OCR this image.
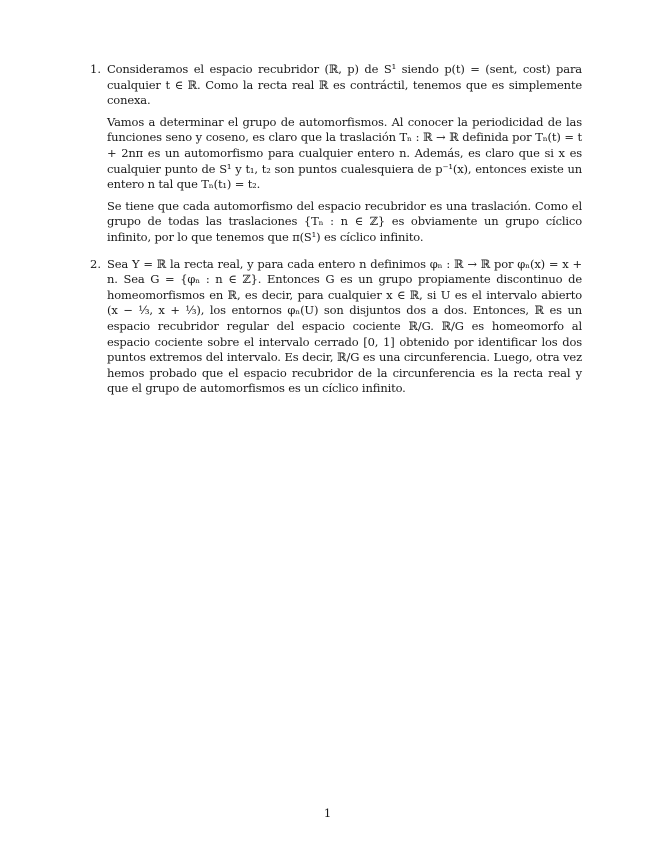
1. Consideramos el espacio recubridor (ℝ, p) de S¹ siendo p(t) = (sent, cost) para cualquier t ∈ ℝ. Como la recta real ℝ es contráctil, tenemos que es simplemente conexa.

Vamos a determinar el grupo de automorfismos. Al conocer la periodicidad de las funciones seno y coseno, es claro que la traslación Tₙ : ℝ → ℝ definida por Tₙ(t) = t + 2nπ es un automorfismo para cualquier entero n. Además, es claro que si x es cualquier punto de S¹ y t₁, t₂ son puntos cualesquiera de p⁻¹(x), entonces existe un entero n tal que Tₙ(t₁) = t₂.

Se tiene que cada automorfismo del espacio recubridor es una traslación. Como el grupo de todas las traslaciones {Tₙ : n ∈ ℤ} es obviamente un grupo cíclico infinito, por lo que tenemos que π(S¹) es cíclico infinito.

2. Sea Y = ℝ la recta real, y para cada entero n definimos φₙ : ℝ → ℝ por φₙ(x) = x + n. Sea G = {φₙ : n ∈ ℤ}. Entonces G es un grupo propiamente discontinuo de homeomorfismos en ℝ, es decir, para cualquier x ∈ ℝ, si U es el intervalo abierto (x − ⅓, x + ⅓), los entornos φₙ(U) son disjuntos dos a dos. Entonces, ℝ es un espacio recubridor regular del espacio cociente ℝ/G. ℝ/G es homeomorfo al espacio cociente sobre el intervalo cerrado [0, 1] obtenido por identificar los dos puntos extremos del intervalo. Es decir, ℝ/G es una circunferencia. Luego, otra vez hemos probado que el espacio recubridor de la circunferencia es la recta real y que el grupo de automorfismos es un cíclico infinito.

1
